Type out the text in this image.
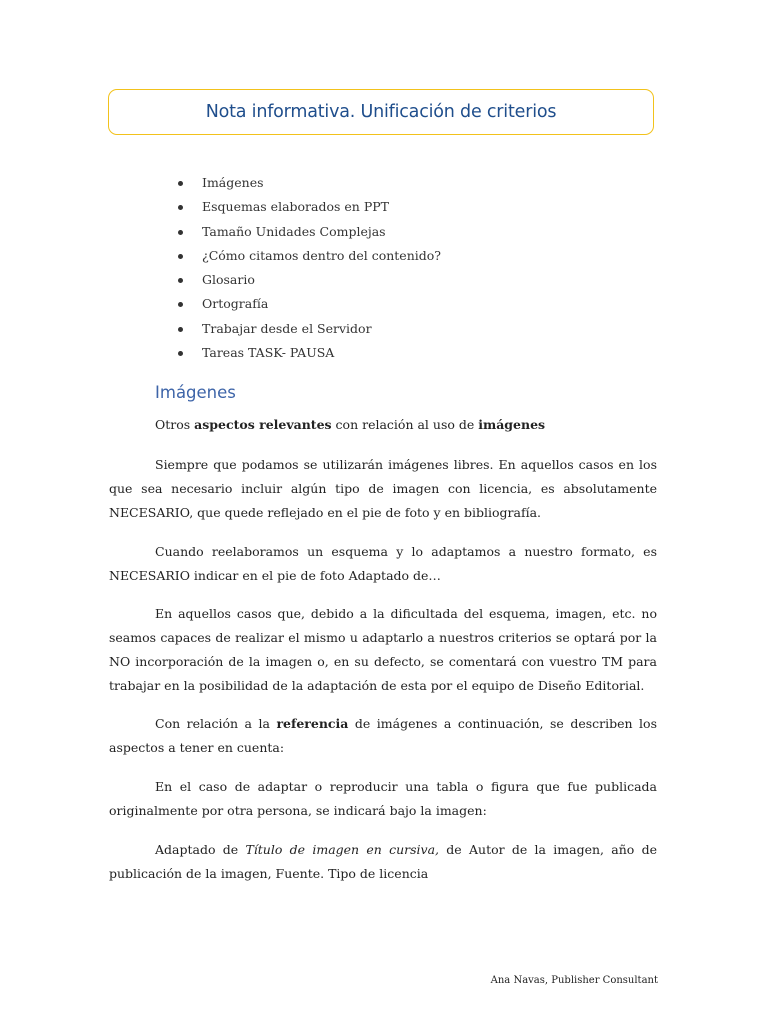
Nota informativa. Unificación de criterios
Imágenes
Esquemas elaborados en PPT
Tamaño Unidades Complejas
¿Cómo citamos dentro del contenido?
Glosario
Ortografía
Trabajar desde el Servidor
Tareas TASK- PAUSA
Imágenes

Otros aspectos relevantes con relación al uso de imágenes

Siempre que podamos se utilizarán imágenes libres. En aquellos casos en los que sea necesario incluir algún tipo de imagen con licencia, es absolutamente NECESARIO, que quede reflejado en el pie de foto y en bibliografía.

Cuando reelaboramos un esquema y lo adaptamos a nuestro formato, es NECESARIO indicar en el pie de foto Adaptado de…

En aquellos casos que, debido a la dificultada del esquema, imagen, etc. no seamos capaces de realizar el mismo u adaptarlo a nuestros criterios se optará por la NO incorporación de la imagen o, en su defecto, se comentará con vuestro TM para trabajar en la posibilidad de la adaptación de esta por el equipo de Diseño Editorial.

Con relación a la referencia de imágenes a continuación, se describen los aspectos a tener en cuenta:

En el caso de adaptar o reproducir una tabla o figura que fue publicada originalmente por otra persona, se indicará bajo la imagen:

Adaptado de Título de imagen en cursiva, de Autor de la imagen, año de publicación de la imagen, Fuente. Tipo de licencia

Ana Navas, Publisher Consultant
